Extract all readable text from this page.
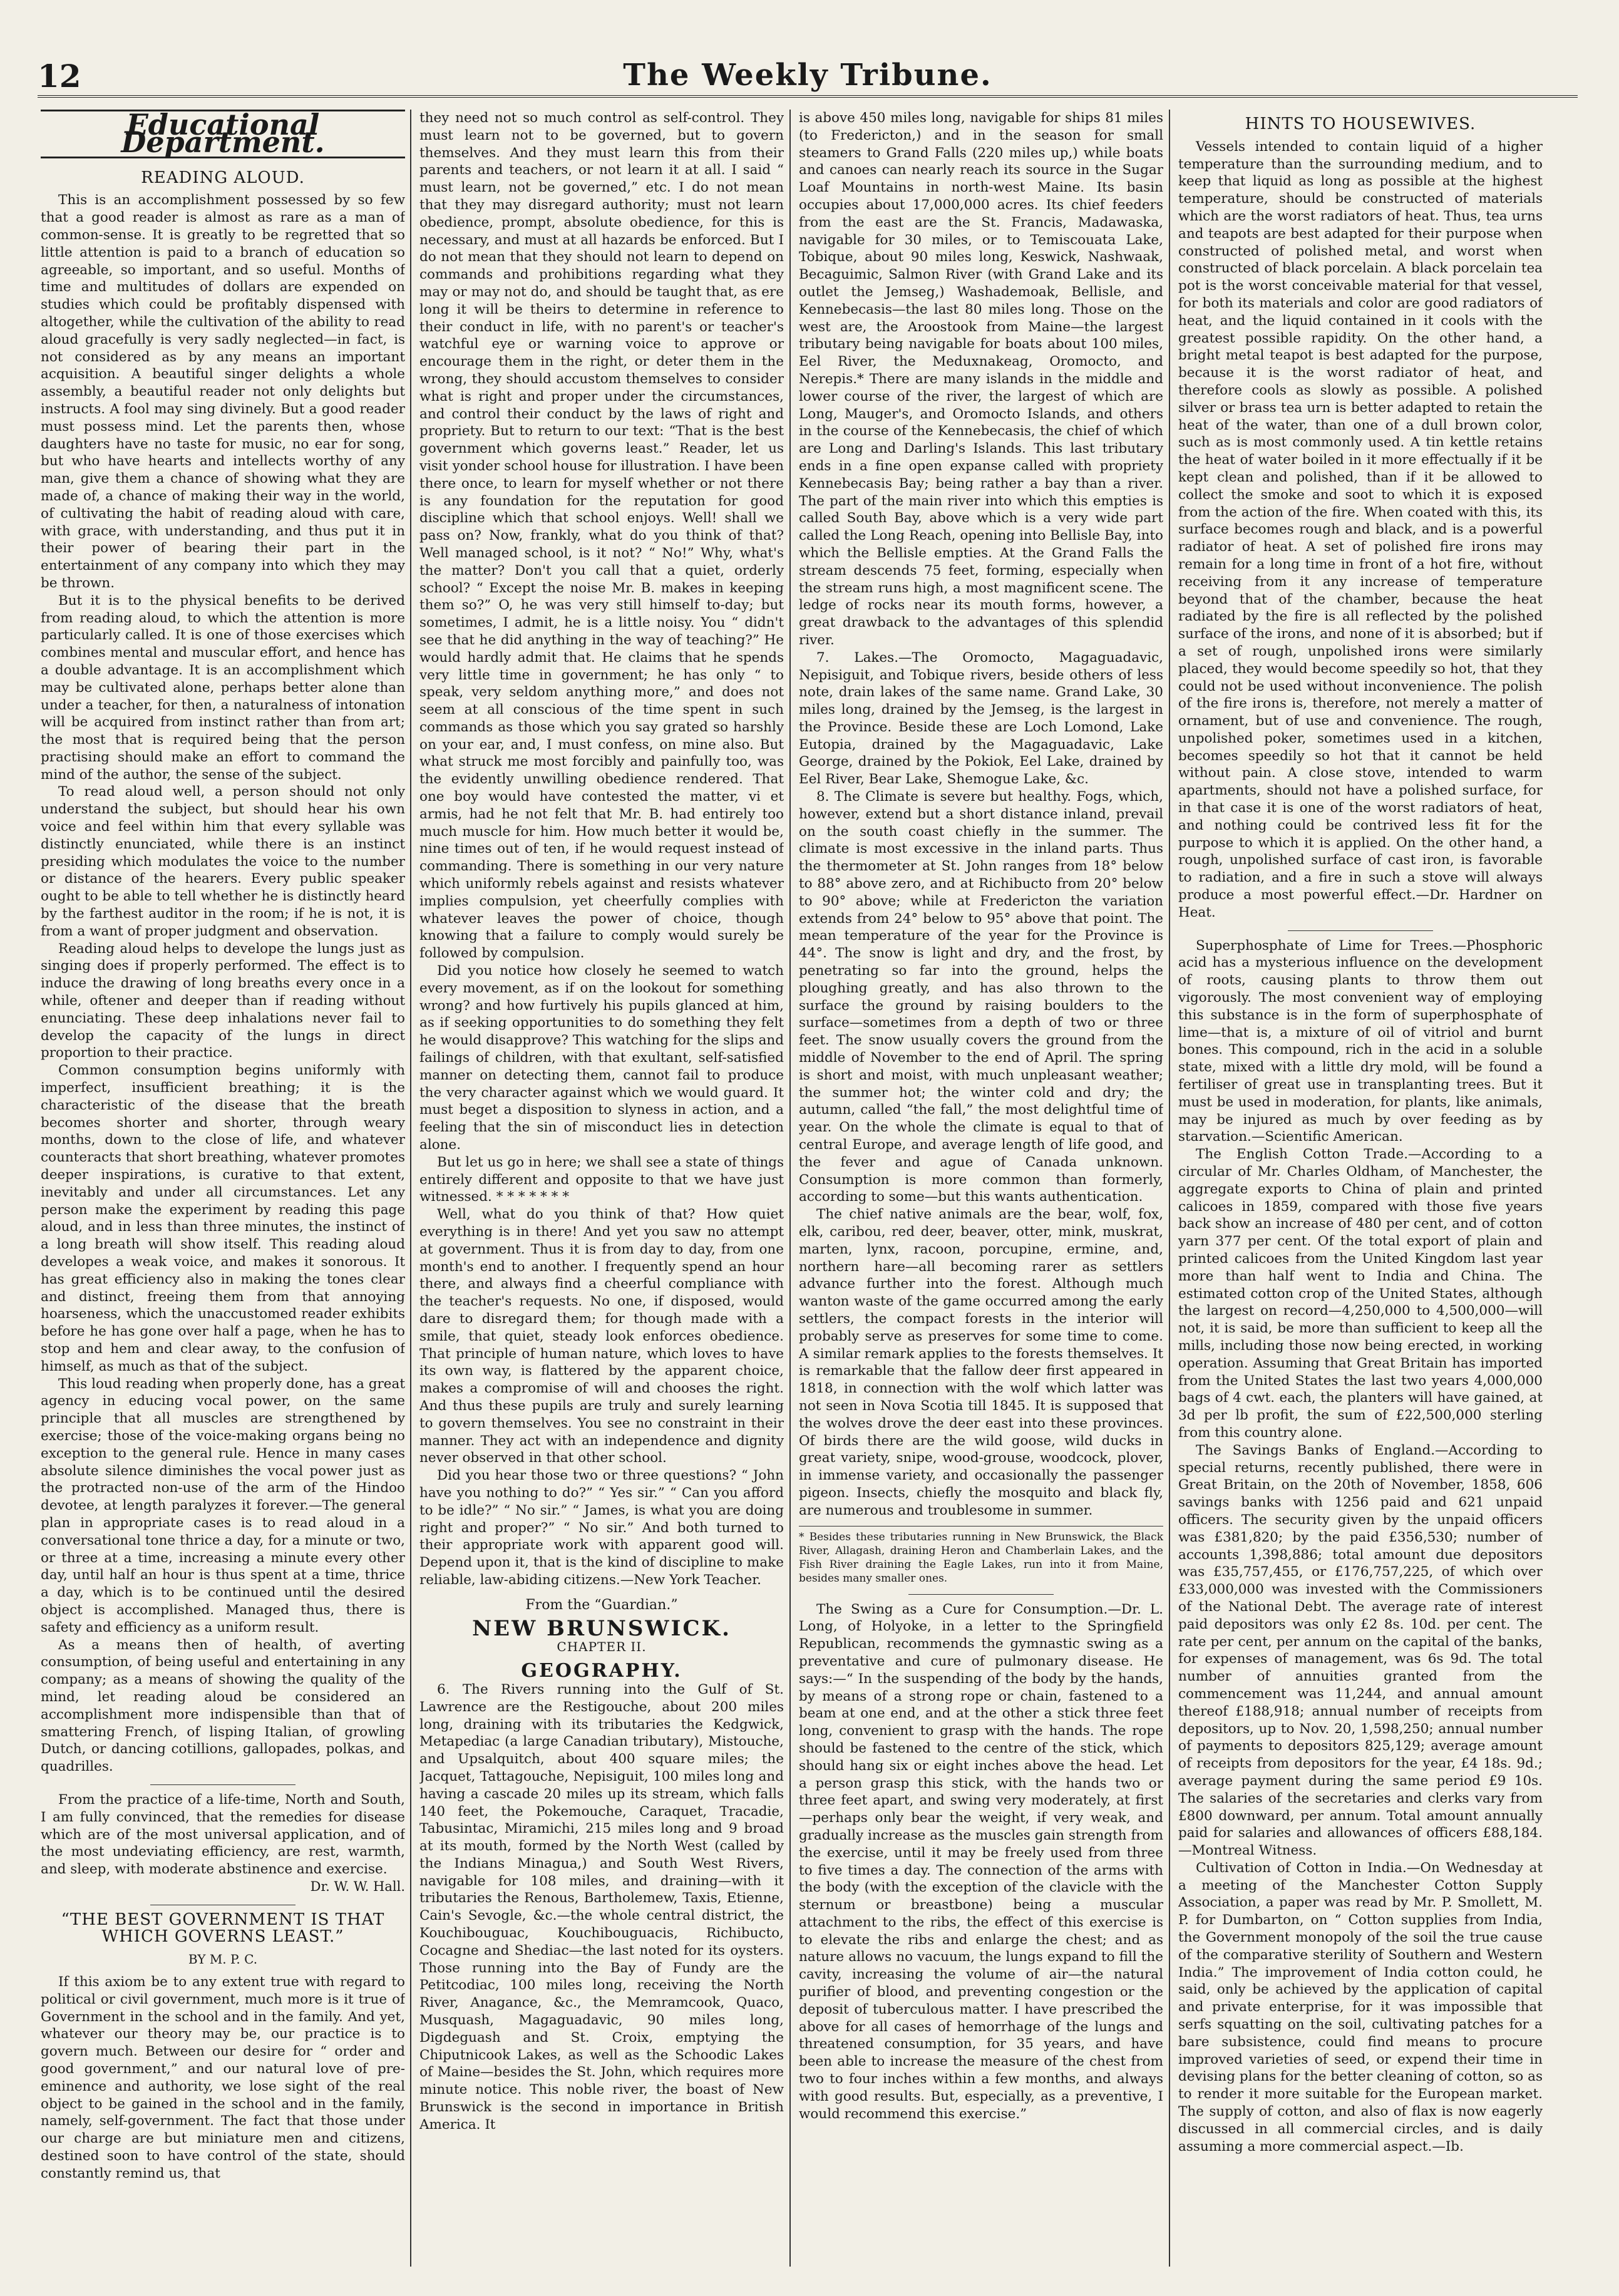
12	The Weekly Tribune.
Educational Department.
READING ALOUD.

This is an accomplishment possessed by so few that a good reader is almost as rare as a man of common-sense. It is greatly to be regretted that so little attention is paid to a branch of education so agreeable, so important, and so useful. Months of time and multitudes of dollars are expended on studies which could be profitably dispensed with altogether, while the cultivation of the ability to read aloud gracefully is very sadly neglected—in fact, is not considered as by any means an important acquisition. A beautiful singer delights a whole assembly, a beautiful reader not only delights but instructs. A fool may sing divinely. But a good reader must possess mind. Let the parents then, whose daughters have no taste for music, no ear for song, but who have hearts and intellects worthy of any man, give them a chance of showing what they are made of, a chance of making their way in the world, of cultivating the habit of reading aloud with care, with grace, with understanding, and thus put it in their power of bearing their part in the entertainment of any company into which they may be thrown.

But it is to the physical benefits to be derived from reading aloud, to which the attention is more particularly called. It is one of those exercises which combines mental and muscular effort, and hence has a double advantage. It is an accomplishment which may be cultivated alone, perhaps better alone than under a teacher, for then, a naturalness of intonation will be acquired from instinct rather than from art; the most that is required being that the person practising should make an effort to command the mind of the author, the sense of the subject.

To read aloud well, a person should not only understand the subject, but should hear his own voice and feel within him that every syllable was distinctly enunciated, while there is an instinct presiding which modulates the voice to the number or distance of the hearers. Every public speaker ought to be able to tell whether he is distinctly heard by the farthest auditor in the room; if he is not, it is from a want of proper judgment and observation.

Reading aloud helps to develope the lungs just as singing does if properly performed. The effect is to induce the drawing of long breaths every once in a while, oftener and deeper than if reading without enunciating. These deep inhalations never fail to develop the capacity of the lungs in direct proportion to their practice.

Common consumption begins uniformly with imperfect, insufficient breathing; it is the characteristic of the disease that the breath becomes shorter and shorter, through weary months, down to the close of life, and whatever counteracts that short breathing, whatever promotes deeper inspirations, is curative to that extent, inevitably and under all circumstances. Let any person make the experiment by reading this page aloud, and in less than three minutes, the instinct of a long breath will show itself. This reading aloud developes a weak voice, and makes it sonorous. It has great efficiency also in making the tones clear and distinct, freeing them from that annoying hoarseness, which the unaccustomed reader exhibits before he has gone over half a page, when he has to stop and hem and clear away, to the confusion of himself, as much as that of the subject.

This loud reading when properly done, has a great agency in educing vocal power, on the same principle that all muscles are strengthened by exercise; those of the voice-making organs being no exception to the general rule. Hence in many cases absolute silence diminishes the vocal power just as the protracted non-use of the arm of the Hindoo devotee, at length paralyzes it forever.—The general plan in appropriate cases is to read aloud in a conversational tone thrice a day, for a minute or two, or three at a time, increasing a minute every other day, until half an hour is thus spent at a time, thrice a day, which is to be continued until the desired object is accomplished. Managed thus, there is safety and efficiency as a uniform result.

As a means then of health, of averting consumption, of being useful and entertaining in any company; as a means of showing the quality of the mind, let reading aloud be considered an accomplishment more indispensible than that of smattering French, of lisping Italian, of growling Dutch, or dancing cotillions, gallopades, polkas, and quadrilles.

From the practice of a life-time, North and South, I am fully convinced, that the remedies for disease which are of the most universal application, and of the most undeviating efficiency, are rest, warmth, and sleep, with moderate abstinence and exercise.

Dr. W. W. Hall.
“THE BEST GOVERNMENT IS THAT WHICH GOVERNS LEAST.”
BY M. P. C.

If this axiom be to any extent true with regard to political or civil government, much more is it true of Government in the school and in the family. And yet, whatever our theory may be, our practice is to govern much. Between our desire for “ order and good government,” and our natural love of pre-eminence and authority, we lose sight of the real object to be gained in the school and in the family, namely, self-government. The fact that those under our charge are but miniature men and citizens, destined soon to have control of the state, should constantly remind us, that

they need not so much control as self-control. They must learn not to be governed, but to govern themselves. And they must learn this from their parents and teachers, or not learn it at all. I said “ must learn, not be governed,” etc. I do not mean that they may disregard authority; must not learn obedience, prompt, absolute obedience, for this is necessary, and must at all hazards be enforced. But I do not mean that they should not learn to depend on commands and prohibitions regarding what they may or may not do, and should be taught that, as ere long it will be theirs to determine in reference to their conduct in life, with no parent's or teacher's watchful eye or warning voice to approve or encourage them in the right, or deter them in the wrong, they should accustom themselves to consider what is right and proper under the circumstances, and control their conduct by the laws of right and propriety. But to return to our text: “That is the best government which governs least.” Reader, let us visit yonder school house for illustration. I have been there once, to learn for myself whether or not there is any foundation for the reputation for good discipline which that school enjoys. Well! shall we pass on? Now, frankly, what do you think of that? Well managed school, is it not? “ No!” Why, what's the matter? Don't you call that a quiet, orderly school? “ Except the noise Mr. B. makes in keeping them so?” O, he was very still himself to-day; but sometimes, I admit, he is a little noisy. You “ didn't see that he did anything in the way of teaching?” He would hardly admit that. He claims that he spends very little time in government; he has only “ to speak, very seldom anything more,” and does not seem at all conscious of the time spent in such commands as those which you say grated so harshly on your ear, and, I must confess, on mine also. But what struck me most forcibly and painfully too, was the evidently unwilling obedience rendered. That one boy would have contested the matter, vi et armis, had he not felt that Mr. B. had entirely too much muscle for him. How much better it would be, nine times out of ten, if he would request instead of commanding. There is something in our very nature which uniformly rebels against and resists whatever implies compulsion, yet cheerfully complies with whatever leaves the power of choice, though knowing that a failure to comply would surely be followed by compulsion.

Did you notice how closely he seemed to watch every movement, as if on the lookout for something wrong? and how furtively his pupils glanced at him, as if seeking opportunities to do something they felt he would disapprove? This watching for the slips and failings of children, with that exultant, self-satisfied manner on detecting them, cannot fail to produce the very character against which we would guard. It must beget a disposition to slyness in action, and a feeling that the sin of misconduct lies in detection alone.

But let us go in here; we shall see a state of things entirely different and opposite to that we have just witnessed. * * * * * * *

Well, what do you think of that? How quiet everything is in there! And yet you saw no attempt at government. Thus it is from day to day, from one month's end to another. I frequently spend an hour there, and always find a cheerful compliance with the teacher's requests. No one, if disposed, would dare to disregard them; for though made with a smile, that quiet, steady look enforces obedience. That principle of human nature, which loves to have its own way, is flattered by the apparent choice, makes a compromise of will and chooses the right. And thus these pupils are truly and surely learning to govern themselves. You see no constraint in their manner. They act with an independence and dignity never observed in that other school.

Did you hear those two or three questions? “ John have you nothing to do?” “ Yes sir.” “ Can you afford to be idle?” “ No sir.” “ James, is what you are doing right and proper?” “ No sir.” And both turned to their appropriate work with apparent good will. Depend upon it, that is the kind of discipline to make reliable, law-abiding citizens.—New York Teacher.

From the “Guardian.”
NEW BRUNSWICK.
CHAPTER II.
GEOGRAPHY.

6. The Rivers running into the Gulf of St. Lawrence are the Restigouche, about 200 miles long, draining with its tributaries the Kedgwick, Metapediac (a large Canadian tributary), Mistouche, and Upsalquitch, about 400 square miles; the Jacquet, Tattagouche, Nepisiguit, 100 miles long and having a cascade 20 miles up its stream, which falls 140 feet, the Pokemouche, Caraquet, Tracadie, Tabusintac, Miramichi, 215 miles long and 9 broad at its mouth, formed by the North West (called by the Indians Minagua,) and South West Rivers, navigable for 108 miles, and draining—with it tributaries the Renous, Bartholemew, Taxis, Etienne, Cain's Sevogle, &c.—the whole central district, the Kouchibouguac, Kouchibouguacis, Richibucto, Cocagne and Shediac—the last noted for its oysters. Those running into the Bay of Fundy are the Petitcodiac, 100 miles long, receiving the North River, Anagance, &c., the Memramcook, Quaco, Musquash, Magaguadavic, 90 miles long, Digdeguash and St. Croix, emptying the Chiputnicook Lakes, as well as the Schoodic Lakes of Maine—besides the St. John, which requires more minute notice. This noble river, the boast of New Brunswick is the second in importance in British America. It

is above 450 miles long, navigable for ships 81 miles (to Fredericton,) and in the season for small steamers to Grand Falls (220 miles up,) while boats and canoes can nearly reach its source in the Sugar Loaf Mountains in north-west Maine. Its basin occupies about 17,000,000 acres. Its chief feeders from the east are the St. Francis, Madawaska, navigable for 30 miles, or to Temiscouata Lake, Tobique, about 90 miles long, Keswick, Nashwaak, Becaguimic, Salmon River (with Grand Lake and its outlet the Jemseg,) Washademoak, Bellisle, and Kennebecasis—the last 80 miles long. Those on the west are, the Aroostook from Maine—the largest tributary being navigable for boats about 100 miles, Eel River, the Meduxnakeag, Oromocto, and Nerepis.* There are many islands in the middle and lower course of the river, the largest of which are Long, Mauger's, and Oromocto Islands, and others in the course of the Kennebecasis, the chief of which are Long and Darling's Islands. This last tributary ends in a fine open expanse called with propriety Kennebecasis Bay; being rather a bay than a river. The part of the main river into which this empties is called South Bay, above which is a very wide part called the Long Reach, opening into Bellisle Bay, into which the Bellisle empties. At the Grand Falls the stream descends 75 feet, forming, especially when the stream runs high, a most magnificent scene. The ledge of rocks near its mouth forms, however, a great drawback to the advantages of this splendid river.

7. Lakes.—The Oromocto, Magaguadavic, Nepisiguit, and Tobique rivers, beside others of less note, drain lakes of the same name. Grand Lake, 30 miles long, drained by the Jemseg, is the largest in the Province. Beside these are Loch Lomond, Lake Eutopia, drained by the Magaguadavic, Lake George, drained by the Pokiok, Eel Lake, drained by Eel River, Bear Lake, Shemogue Lake, &c.

8. The Climate is severe but healthy. Fogs, which, however, extend but a short distance inland, prevail on the south coast chiefly in the summer. The climate is most excessive in the inland parts. Thus the thermometer at St. John ranges from 18° below to 88° above zero, and at Richibucto from 20° below to 90° above; while at Fredericton the variation extends from 24° below to 95° above that point. The mean temperature of the year for the Province is 44°. The snow is light and dry, and the frost, by penetrating so far into the ground, helps the ploughing greatly, and has also thrown to the surface the ground by raising boulders to the surface—sometimes from a depth of two or three feet. The snow usually covers the ground from the middle of November to the end of April. The spring is short and moist, with much unpleasant weather; the summer hot; the winter cold and dry; the autumn, called “the fall,” the most delightful time of year. On the whole the climate is equal to that of central Europe, and average length of life good, and the fever and ague of Canada unknown. Consumption is more common than formerly, according to some—but this wants authentication.

The chief native animals are the bear, wolf, fox, elk, caribou, red deer, beaver, otter, mink, muskrat, marten, lynx, racoon, porcupine, ermine, and, northern hare—all becoming rarer as settlers advance further into the forest. Although much wanton waste of the game occurred among the early settlers, the compact forests in the interior will probably serve as preserves for some time to come. A similar remark applies to the forests themselves. It is remarkable that the fallow deer first appeared in 1818, in connection with the wolf which latter was not seen in Nova Scotia till 1845. It is supposed that the wolves drove the deer east into these provinces. Of birds there are the wild goose, wild ducks in great variety, snipe, wood-grouse, woodcock, plover, in immense variety, and occasionally the passenger pigeon. Insects, chiefly the mosquito and black fly, are numerous and troublesome in summer.

* Besides these tributaries running in New Brunswick, the Black River, Allagash, draining Heron and Chamberlain Lakes, and the Fish River draining the Eagle Lakes, run into it from Maine, besides many smaller ones.

The Swing as a Cure for Consumption.—Dr. L. Long, of Holyoke, in a letter to the Springfield Republican, recommends the gymnastic swing as a preventative and cure of pulmonary disease. He says:—“ In the suspending of the body by the hands, by means of a strong rope or chain, fastened to a beam at one end, and at the other a stick three feet long, convenient to grasp with the hands. The rope should be fastened to the centre of the stick, which should hang six or eight inches above the head. Let a person grasp this stick, with the hands two or three feet apart, and swing very moderately, at first—perhaps only bear the weight, if very weak, and gradually increase as the muscles gain strength from the exercise, until it may be freely used from three to five times a day. The connection of the arms with the body (with the exception of the clavicle with the sternum or breastbone) being a muscular attachment to the ribs, the effect of this exercise is to elevate the ribs and enlarge the chest; and as nature allows no vacuum, the lungs expand to fill the cavity, increasing the volume of air—the natural purifier of blood, and preventing congestion or the deposit of tuberculous matter. I have prescribed the above for all cases of hemorrhage of the lungs and threatened consumption, for 35 years, and have been able to increase the measure of the chest from two to four inches within a few months, and always with good results. But, especially, as a preventive, I would recommend this exercise.”

HINTS TO HOUSEWIVES.

Vessels intended to contain liquid of a higher temperature than the surrounding medium, and to keep that liquid as long as possible at the highest temperature, should be constructed of materials which are the worst radiators of heat. Thus, tea urns and teapots are best adapted for their purpose when constructed of polished metal, and worst when constructed of black porcelain. A black porcelain tea pot is the worst conceivable material for that vessel, for both its materials and color are good radiators of heat, and the liquid contained in it cools with the greatest possible rapidity. On the other hand, a bright metal teapot is best adapted for the purpose, because it is the worst radiator of heat, and therefore cools as slowly as possible. A polished silver or brass tea urn is better adapted to retain the heat of the water, than one of a dull brown color, such as is most commonly used. A tin kettle retains the heat of water boiled in it more effectually if it be kept clean and polished, than if it be allowed to collect the smoke and soot to which it is exposed from the action of the fire. When coated with this, its surface becomes rough and black, and is a powerful radiator of heat. A set of polished fire irons may remain for a long time in front of a hot fire, without receiving from it any increase of temperature beyond that of the chamber, because the heat radiated by the fire is all reflected by the polished surface of the irons, and none of it is absorbed; but if a set of rough, unpolished irons were similarly placed, they would become speedily so hot, that they could not be used without inconvenience. The polish of the fire irons is, therefore, not merely a matter of ornament, but of use and convenience. The rough, unpolished poker, sometimes used in a kitchen, becomes speedily so hot that it cannot be held without pain. A close stove, intended to warm apartments, should not have a polished surface, for in that case it is one of the worst radiators of heat, and nothing could be contrived less fit for the purpose to which it is applied. On the other hand, a rough, unpolished surface of cast iron, is favorable to radiation, and a fire in such a stove will always produce a most powerful effect.—Dr. Hardner on Heat.

Superphosphate of Lime for Trees.—Phosphoric acid has a mysterious influence on the development of roots, causing plants to throw them out vigorously. The most convenient way of employing this substance is in the form of superphosphate of lime—that is, a mixture of oil of vitriol and burnt bones. This compound, rich in the acid in a soluble state, mixed with a little dry mold, will be found a fertiliser of great use in transplanting trees. But it must be used in moderation, for plants, like animals, may be injured as much by over feeding as by starvation.—Scientific American.

The English Cotton Trade.—According to a circular of Mr. Charles Oldham, of Manchester, the aggregate exports to China of plain and printed calicoes in 1859, compared with those five years back show an increase of 480 per cent, and of cotton yarn 377 per cent. Of the total export of plain and printed calicoes from the United Kingdom last year more than half went to India and China. The estimated cotton crop of the United States, although the largest on record—4,250,000 to 4,500,000—will not, it is said, be more than sufficient to keep all the mills, including those now being erected, in working operation. Assuming that Great Britain has imported from the United States the last two years 4,000,000 bags of 4 cwt. each, the planters will have gained, at 3d per lb profit, the sum of £22,500,000 sterling from this country alone.

The Savings Banks of England.—According to special returns, recently published, there were in Great Britain, on the 20th of November, 1858, 606 savings banks with 1256 paid and 621 unpaid officers. The security given by the unpaid officers was £381,820; by the paid £356,530; number of accounts 1,398,886; total amount due depositors was £35,757,455, or £176,757,225, of which over £33,000,000 was invested with the Commissioners of the National Debt. The average rate of interest paid depositors was only £2 8s. 10d. per cent. The rate per cent, per annum on the capital of the banks, for expenses of management, was 6s 9d. The total number of annuities granted from the commencement was 11,244, and annual amount thereof £188,918; annual number of receipts from depositors, up to Nov. 20, 1,598,250; annual number of payments to depositors 825,129; average amount of receipts from depositors for the year, £4 18s. 9d.; average payment during the same period £9 10s. The salaries of the secretaries and clerks vary from £800 downward, per annum. Total amount annually paid for salaries and allowances of officers £88,184.—Montreal Witness.

Cultivation of Cotton in India.—On Wednesday at a meeting of the Manchester Cotton Supply Association, a paper was read by Mr. P. Smollett, M. P. for Dumbarton, on “ Cotton supplies from India, the Government monopoly of the soil the true cause of the comparative sterility of Southern and Western India.” The improvement of India cotton could, he said, only be achieved by the application of capital and private enterprise, for it was impossible that serfs squatting on the soil, cultivating patches for a bare subsistence, could find means to procure improved varieties of seed, or expend their time in devising plans for the better cleaning of cotton, so as to render it more suitable for the European market. The supply of cotton, and also of flax is now eagerly discussed in all commercial circles, and is daily assuming a more commercial aspect.—Ib.
